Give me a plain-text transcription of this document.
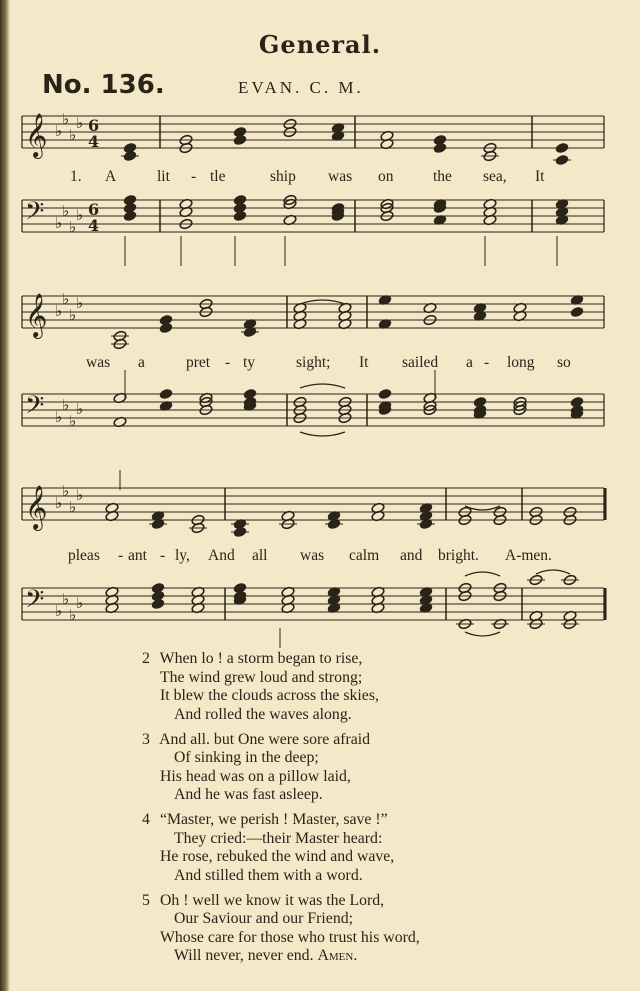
General.
No. 136.	EVAN. C. M.
𝄞 ♭
♭
♭
♭ 6
4
𝄢 ♭
♭
♭
♭ 6
4
𝄞 ♭
♭
♭
♭
𝄢 ♭
♭
♭
♭
𝄞 ♭
♭
♭
♭
𝄢 ♭
♭
♭
♭
1. A	lit - tle	ship was on	the sea, It
was a	pret - ty	sight; It sailed a - long so
pleas - ant - ly, And all was calm and bright. A-men.
2 When lo ! a storm began to rise,
The wind grew loud and strong;
It blew the clouds across the skies,
And rolled the waves along.
3 And all. but One were sore afraid
Of sinking in the deep;
His head was on a pillow laid,
And he was fast asleep.
4 “Master, we perish ! Master, save !”
They cried:—their Master heard:
He rose, rebuked the wind and wave,
And stilled them with a word.
5 Oh ! well we know it was the Lord,
Our Saviour and our Friend;
Whose care for those who trust his word,
Will never, never end. Amen.
